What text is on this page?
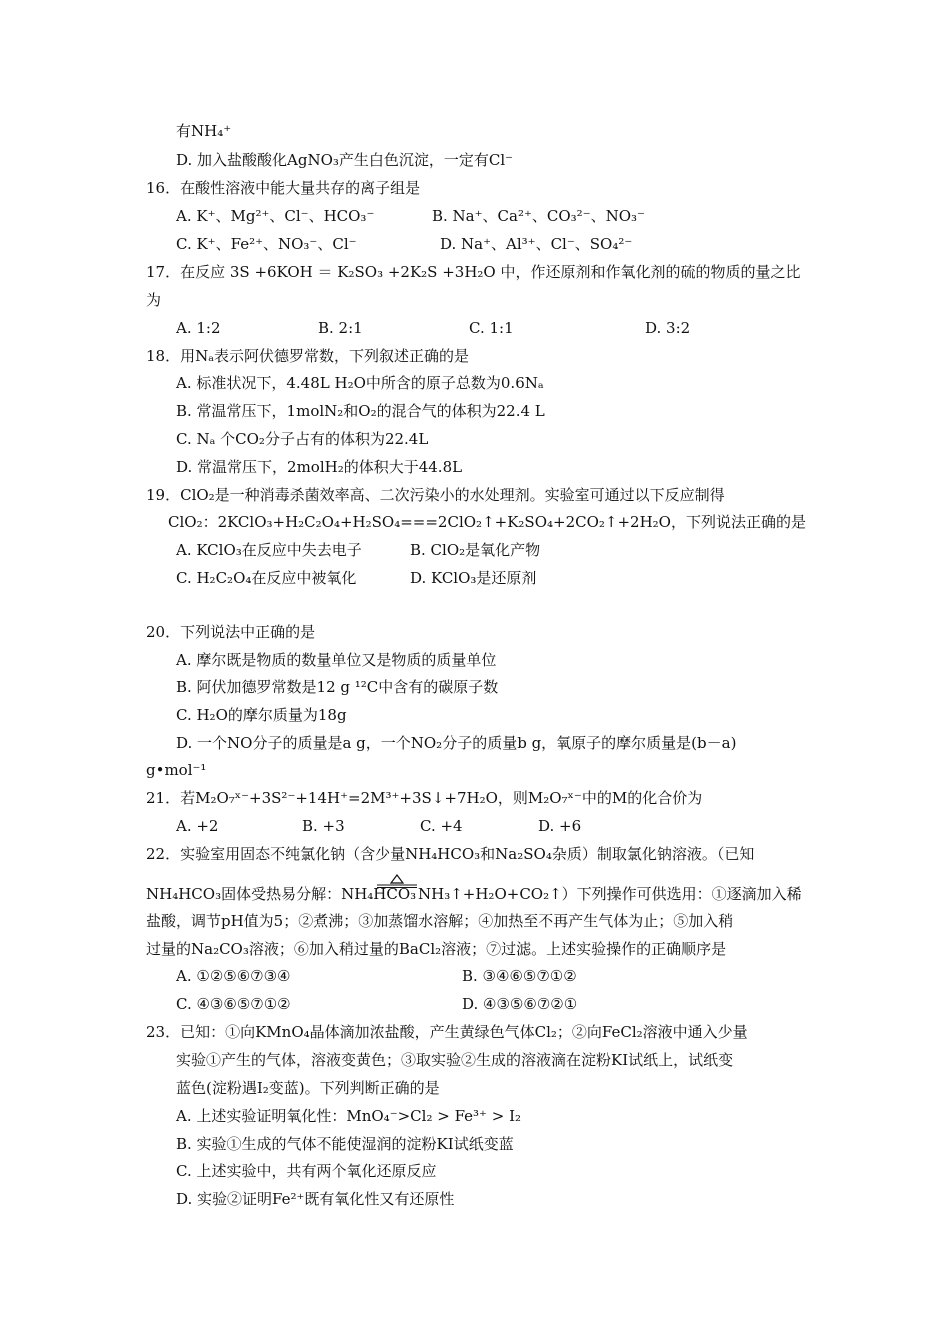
有NH₄⁺
D. 加入盐酸酸化AgNO₃产生白色沉淀，一定有Cl⁻
16．在酸性溶液中能大量共存的离子组是
A. K⁺、Mg²⁺、Cl⁻、HCO₃⁻	B. Na⁺、Ca²⁺、CO₃²⁻、NO₃⁻
C. K⁺、Fe²⁺、NO₃⁻、Cl⁻	D. Na⁺、Al³⁺、Cl⁻、SO₄²⁻
17．在反应 3S +6KOH ＝ K₂SO₃ +2K₂S +3H₂O 中，作还原剂和作氧化剂的硫的物质的量之比
为
A. 1:2	B. 2:1	C. 1:1	D. 3:2
18．用Nₐ表示阿伏德罗常数，下列叙述正确的是
A. 标准状况下，4.48L H₂O中所含的原子总数为0.6Nₐ
B. 常温常压下，1molN₂和O₂的混合气的体积为22.4 L
C. Nₐ 个CO₂分子占有的体积为22.4L
D. 常温常压下，2molH₂的体积大于44.8L
19．ClO₂是一种消毒杀菌效率高、二次污染小的水处理剂。实验室可通过以下反应制得
ClO₂：2KClO₃+H₂C₂O₄+H₂SO₄===2ClO₂↑+K₂SO₄+2CO₂↑+2H₂O，下列说法正确的是
A. KClO₃在反应中失去电子	B. ClO₂是氧化产物
C. H₂C₂O₄在反应中被氧化	D. KClO₃是还原剂
20．下列说法中正确的是
A. 摩尔既是物质的数量单位又是物质的质量单位
B. 阿伏加德罗常数是12 g ¹²C中含有的碳原子数
C. H₂O的摩尔质量为18g
D. 一个NO分子的质量是a g，一个NO₂分子的质量b g，氧原子的摩尔质量是(b－a)
g•mol⁻¹
21．若M₂O₇ˣ⁻+3S²⁻+14H⁺=2M³⁺+3S↓+7H₂O，则M₂O₇ˣ⁻中的M的化合价为
A. +2	B. +3	C. +4	D. +6
22．实验室用固态不纯氯化钠（含少量NH₄HCO₃和Na₂SO₄杂质）制取氯化钠溶液。（已知
NH₄HCO₃固体受热易分解：NH₄HCO₃ NH₃↑+H₂O+CO₂↑）下列操作可供选用：①逐滴加入稀
盐酸，调节pH值为5；②煮沸；③加蒸馏水溶解；④加热至不再产生气体为止；⑤加入稍
过量的Na₂CO₃溶液；⑥加入稍过量的BaCl₂溶液；⑦过滤。上述实验操作的正确顺序是
A. ①②⑤⑥⑦③④	B. ③④⑥⑤⑦①②
C. ④③⑥⑤⑦①②	D. ④③⑤⑥⑦②①
23．已知：①向KMnO₄晶体滴加浓盐酸，产生黄绿色气体Cl₂；②向FeCl₂溶液中通入少量
实验①产生的气体，溶液变黄色；③取实验②生成的溶液滴在淀粉KI试纸上，试纸变
蓝色(淀粉遇I₂变蓝)。下列判断正确的是
A. 上述实验证明氧化性：MnO₄⁻>Cl₂ > Fe³⁺ > I₂
B. 实验①生成的气体不能使湿润的淀粉KI试纸变蓝
C. 上述实验中，共有两个氧化还原反应
D. 实验②证明Fe²⁺既有氧化性又有还原性
